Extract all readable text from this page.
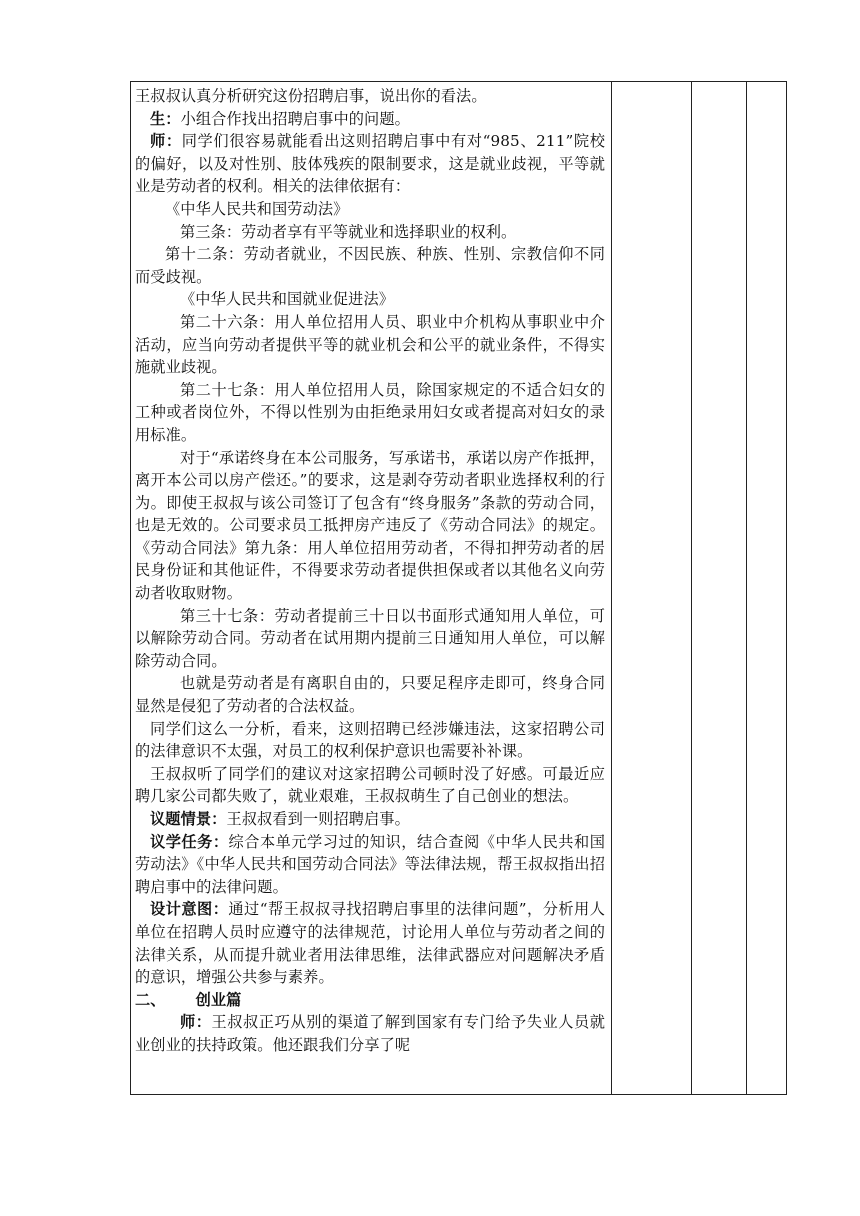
王叔叔认真分析研究这份招聘启事，说出你的看法。

生：小组合作找出招聘启事中的问题。

师：同学们很容易就能看出这则招聘启事中有对“985、211”院校的偏好，以及对性别、肢体残疾的限制要求，这是就业歧视，平等就业是劳动者的权利。相关的法律依据有：

《中华人民共和国劳动法》

第三条：劳动者享有平等就业和选择职业的权利。

第十二条：劳动者就业，不因民族、种族、性别、宗教信仰不同而受歧视。

《中华人民共和国就业促进法》

第二十六条：用人单位招用人员、职业中介机构从事职业中介活动，应当向劳动者提供平等的就业机会和公平的就业条件，不得实施就业歧视。

第二十七条：用人单位招用人员，除国家规定的不适合妇女的工种或者岗位外，不得以性别为由拒绝录用妇女或者提高对妇女的录用标准。

对于“承诺终身在本公司服务，写承诺书，承诺以房产作抵押，离开本公司以房产偿还。”的要求，这是剥夺劳动者职业选择权利的行为。即使王叔叔与该公司签订了包含有“终身服务”条款的劳动合同，也是无效的。公司要求员工抵押房产违反了《劳动合同法》的规定。《劳动合同法》第九条：用人单位招用劳动者，不得扣押劳动者的居民身份证和其他证件，不得要求劳动者提供担保或者以其他名义向劳动者收取财物。

第三十七条：劳动者提前三十日以书面形式通知用人单位，可以解除劳动合同。劳动者在试用期内提前三日通知用人单位，可以解除劳动合同。

也就是劳动者是有离职自由的，只要足程序走即可，终身合同显然是侵犯了劳动者的合法权益。

同学们这么一分析，看来，这则招聘已经涉嫌违法，这家招聘公司的法律意识不太强，对员工的权利保护意识也需要补补课。

王叔叔听了同学们的建议对这家招聘公司顿时没了好感。可最近应聘几家公司都失败了，就业艰难，王叔叔萌生了自己创业的想法。

议题情景：王叔叔看到一则招聘启事。

议学任务：综合本单元学习过的知识，结合查阅《中华人民共和国劳动法》《中华人民共和国劳动合同法》等法律法规，帮王叔叔指出招聘启事中的法律问题。

设计意图：通过“帮王叔叔寻找招聘启事里的法律问题”，分析用人单位在招聘人员时应遵守的法律规范，讨论用人单位与劳动者之间的法律关系，从而提升就业者用法律思维，法律武器应对问题解决矛盾的意识，增强公共参与素养。

二、 创业篇

师：王叔叔正巧从别的渠道了解到国家有专门给予失业人员就业创业的扶持政策。他还跟我们分享了呢
